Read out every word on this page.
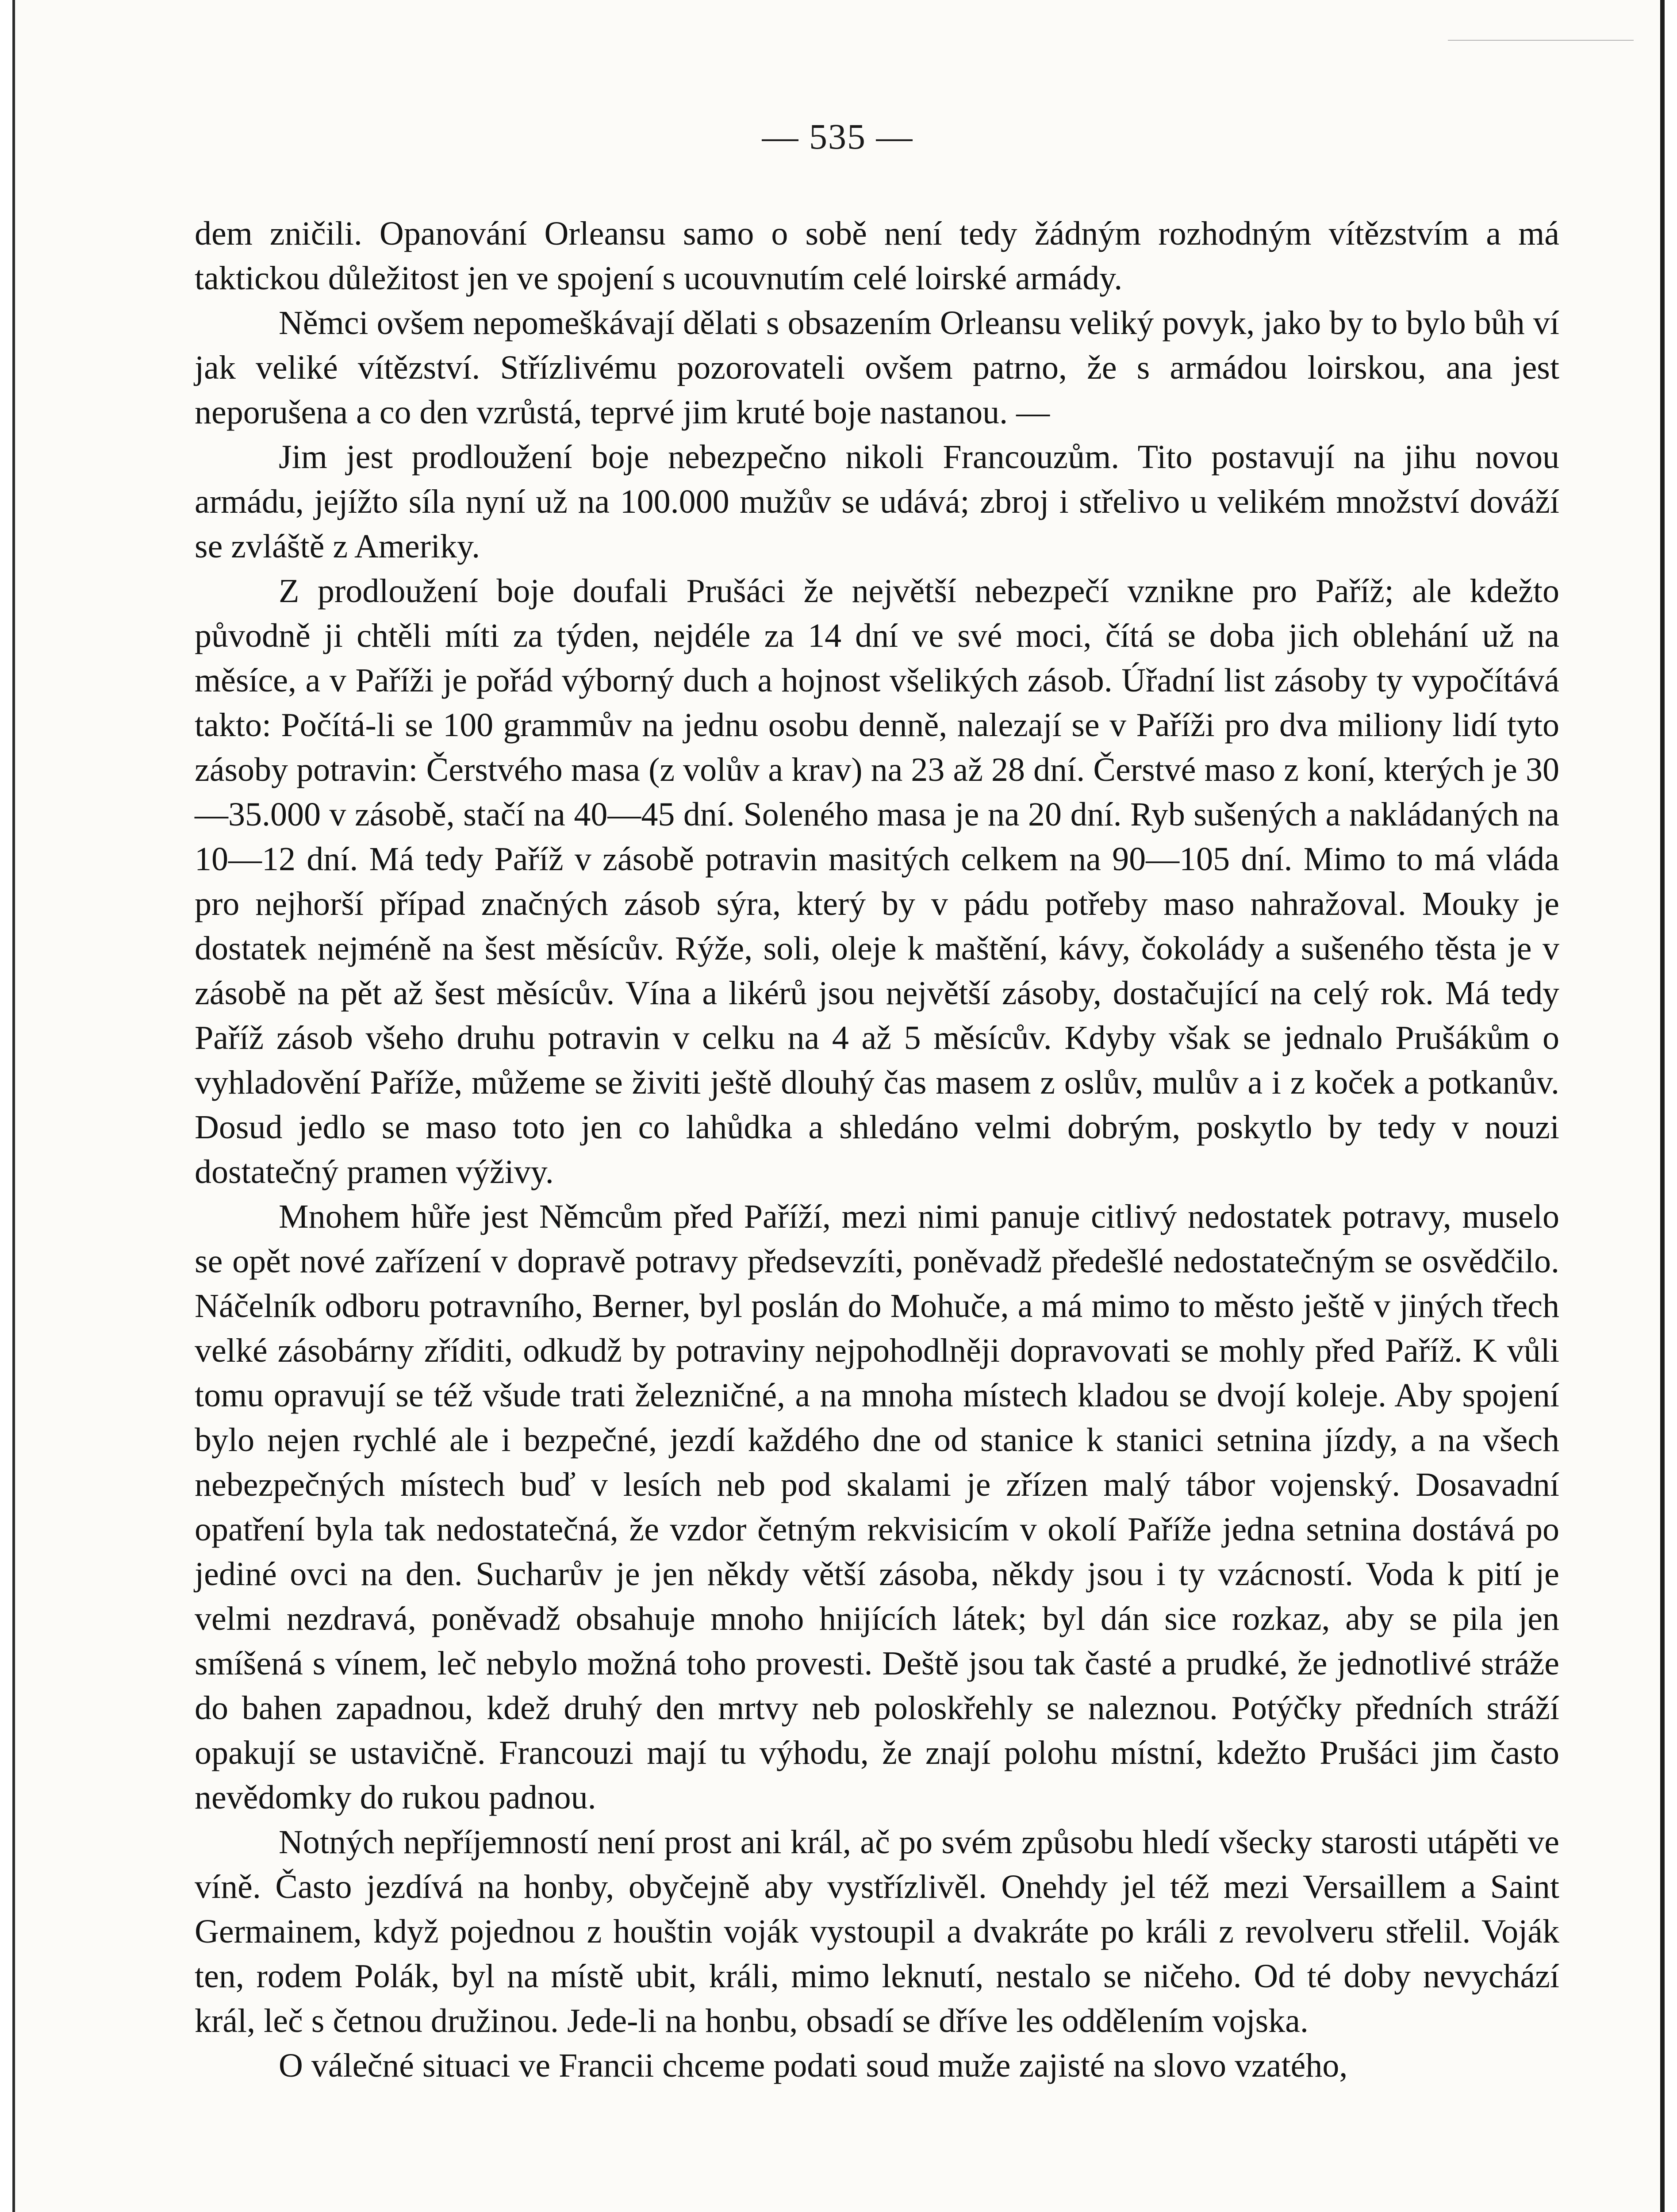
— 535 —

dem zničili. Opanování Orleansu samo o sobě není tedy žádným rozhodným vítězstvím a má taktickou důležitost jen ve spojení s ucouvnutím celé loirské armády.

Němci ovšem nepomeškávají dělati s obsazením Orleansu veliký povyk, jako by to bylo bůh ví jak veliké vítězství. Střízlivému pozorovateli ovšem patrno, že s armádou loirskou, ana jest neporušena a co den vzrůstá, teprvé jim kruté boje nastanou. —

Jim jest prodloužení boje nebezpečno nikoli Francouzům. Tito postavují na jihu novou armádu, jejížto síla nyní už na 100.000 mužův se udává; zbroj i střelivo u velikém množství dováží se zvláště z Ameriky.

Z prodloužení boje doufali Prušáci že největší nebezpečí vznikne pro Paříž; ale kdežto původně ji chtěli míti za týden, nejdéle za 14 dní ve své moci, čítá se doba jich oblehání už na měsíce, a v Paříži je pořád výborný duch a hojnost všelikých zásob. Úřadní list zásoby ty vypočítává takto: Počítá-li se 100 grammův na jednu osobu denně, nalezají se v Paříži pro dva miliony lidí tyto zásoby potravin: Čerstvého masa (z volův a krav) na 23 až 28 dní. Čerstvé maso z koní, kterých je 30—35.000 v zásobě, stačí na 40—45 dní. Soleného masa je na 20 dní. Ryb sušených a nakládaných na 10—12 dní. Má tedy Paříž v zásobě potravin masitých celkem na 90—105 dní. Mimo to má vláda pro nejhorší případ značných zásob sýra, který by v pádu potřeby maso nahražoval. Mouky je dostatek nejméně na šest měsícův. Rýže, soli, oleje k maštění, kávy, čokolády a sušeného těsta je v zásobě na pět až šest měsícův. Vína a likérů jsou největší zásoby, dostačující na celý rok. Má tedy Paříž zásob všeho druhu potravin v celku na 4 až 5 měsícův. Kdyby však se jednalo Prušákům o vyhladovění Paříže, můžeme se živiti ještě dlouhý čas masem z oslův, mulův a i z koček a potkanův. Dosud jedlo se maso toto jen co lahůdka a shledáno velmi dobrým, poskytlo by tedy v nouzi dostatečný pramen výživy.

Mnohem hůře jest Němcům před Paříží, mezi nimi panuje citlivý nedostatek potravy, muselo se opět nové zařízení v dopravě potravy předsevzíti, poněvadž předešlé nedostatečným se osvědčilo. Náčelník odboru potravního, Berner, byl poslán do Mohuče, a má mimo to město ještě v jiných třech velké zásobárny zříditi, odkudž by potraviny nejpohodlněji dopravovati se mohly před Paříž. K vůli tomu opravují se též všude trati železničné, a na mnoha místech kladou se dvojí koleje. Aby spojení bylo nejen rychlé ale i bezpečné, jezdí každého dne od stanice k stanici setnina jízdy, a na všech nebezpečných místech buď v lesích neb pod skalami je zřízen malý tábor vojenský. Dosavadní opatření byla tak nedostatečná, že vzdor četným rekvisicím v okolí Paříže jedna setnina dostává po jediné ovci na den. Sucharův je jen někdy větší zásoba, někdy jsou i ty vzácností. Voda k pití je velmi nezdravá, poněvadž obsahuje mnoho hnijících látek; byl dán sice rozkaz, aby se pila jen smíšená s vínem, leč nebylo možná toho provesti. Deště jsou tak časté a prudké, že jednotlivé stráže do bahen zapadnou, kdež druhý den mrtvy neb poloskřehly se naleznou. Potýčky předních stráží opakují se ustavičně. Francouzi mají tu výhodu, že znají polohu místní, kdežto Prušáci jim často nevědomky do rukou padnou.

Notných nepříjemností není prost ani král, ač po svém způsobu hledí všecky starosti utápěti ve víně. Často jezdívá na honby, obyčejně aby vystřízlivěl. Onehdy jel též mezi Versaillem a Saint Germainem, když pojednou z houštin voják vystoupil a dvakráte po králi z revolveru střelil. Voják ten, rodem Polák, byl na místě ubit, králi, mimo leknutí, nestalo se ničeho. Od té doby nevychází král, leč s četnou družinou. Jede-li na honbu, obsadí se dříve les oddělením vojska.

O válečné situaci ve Francii chceme podati soud muže zajisté na slovo vzatého,
